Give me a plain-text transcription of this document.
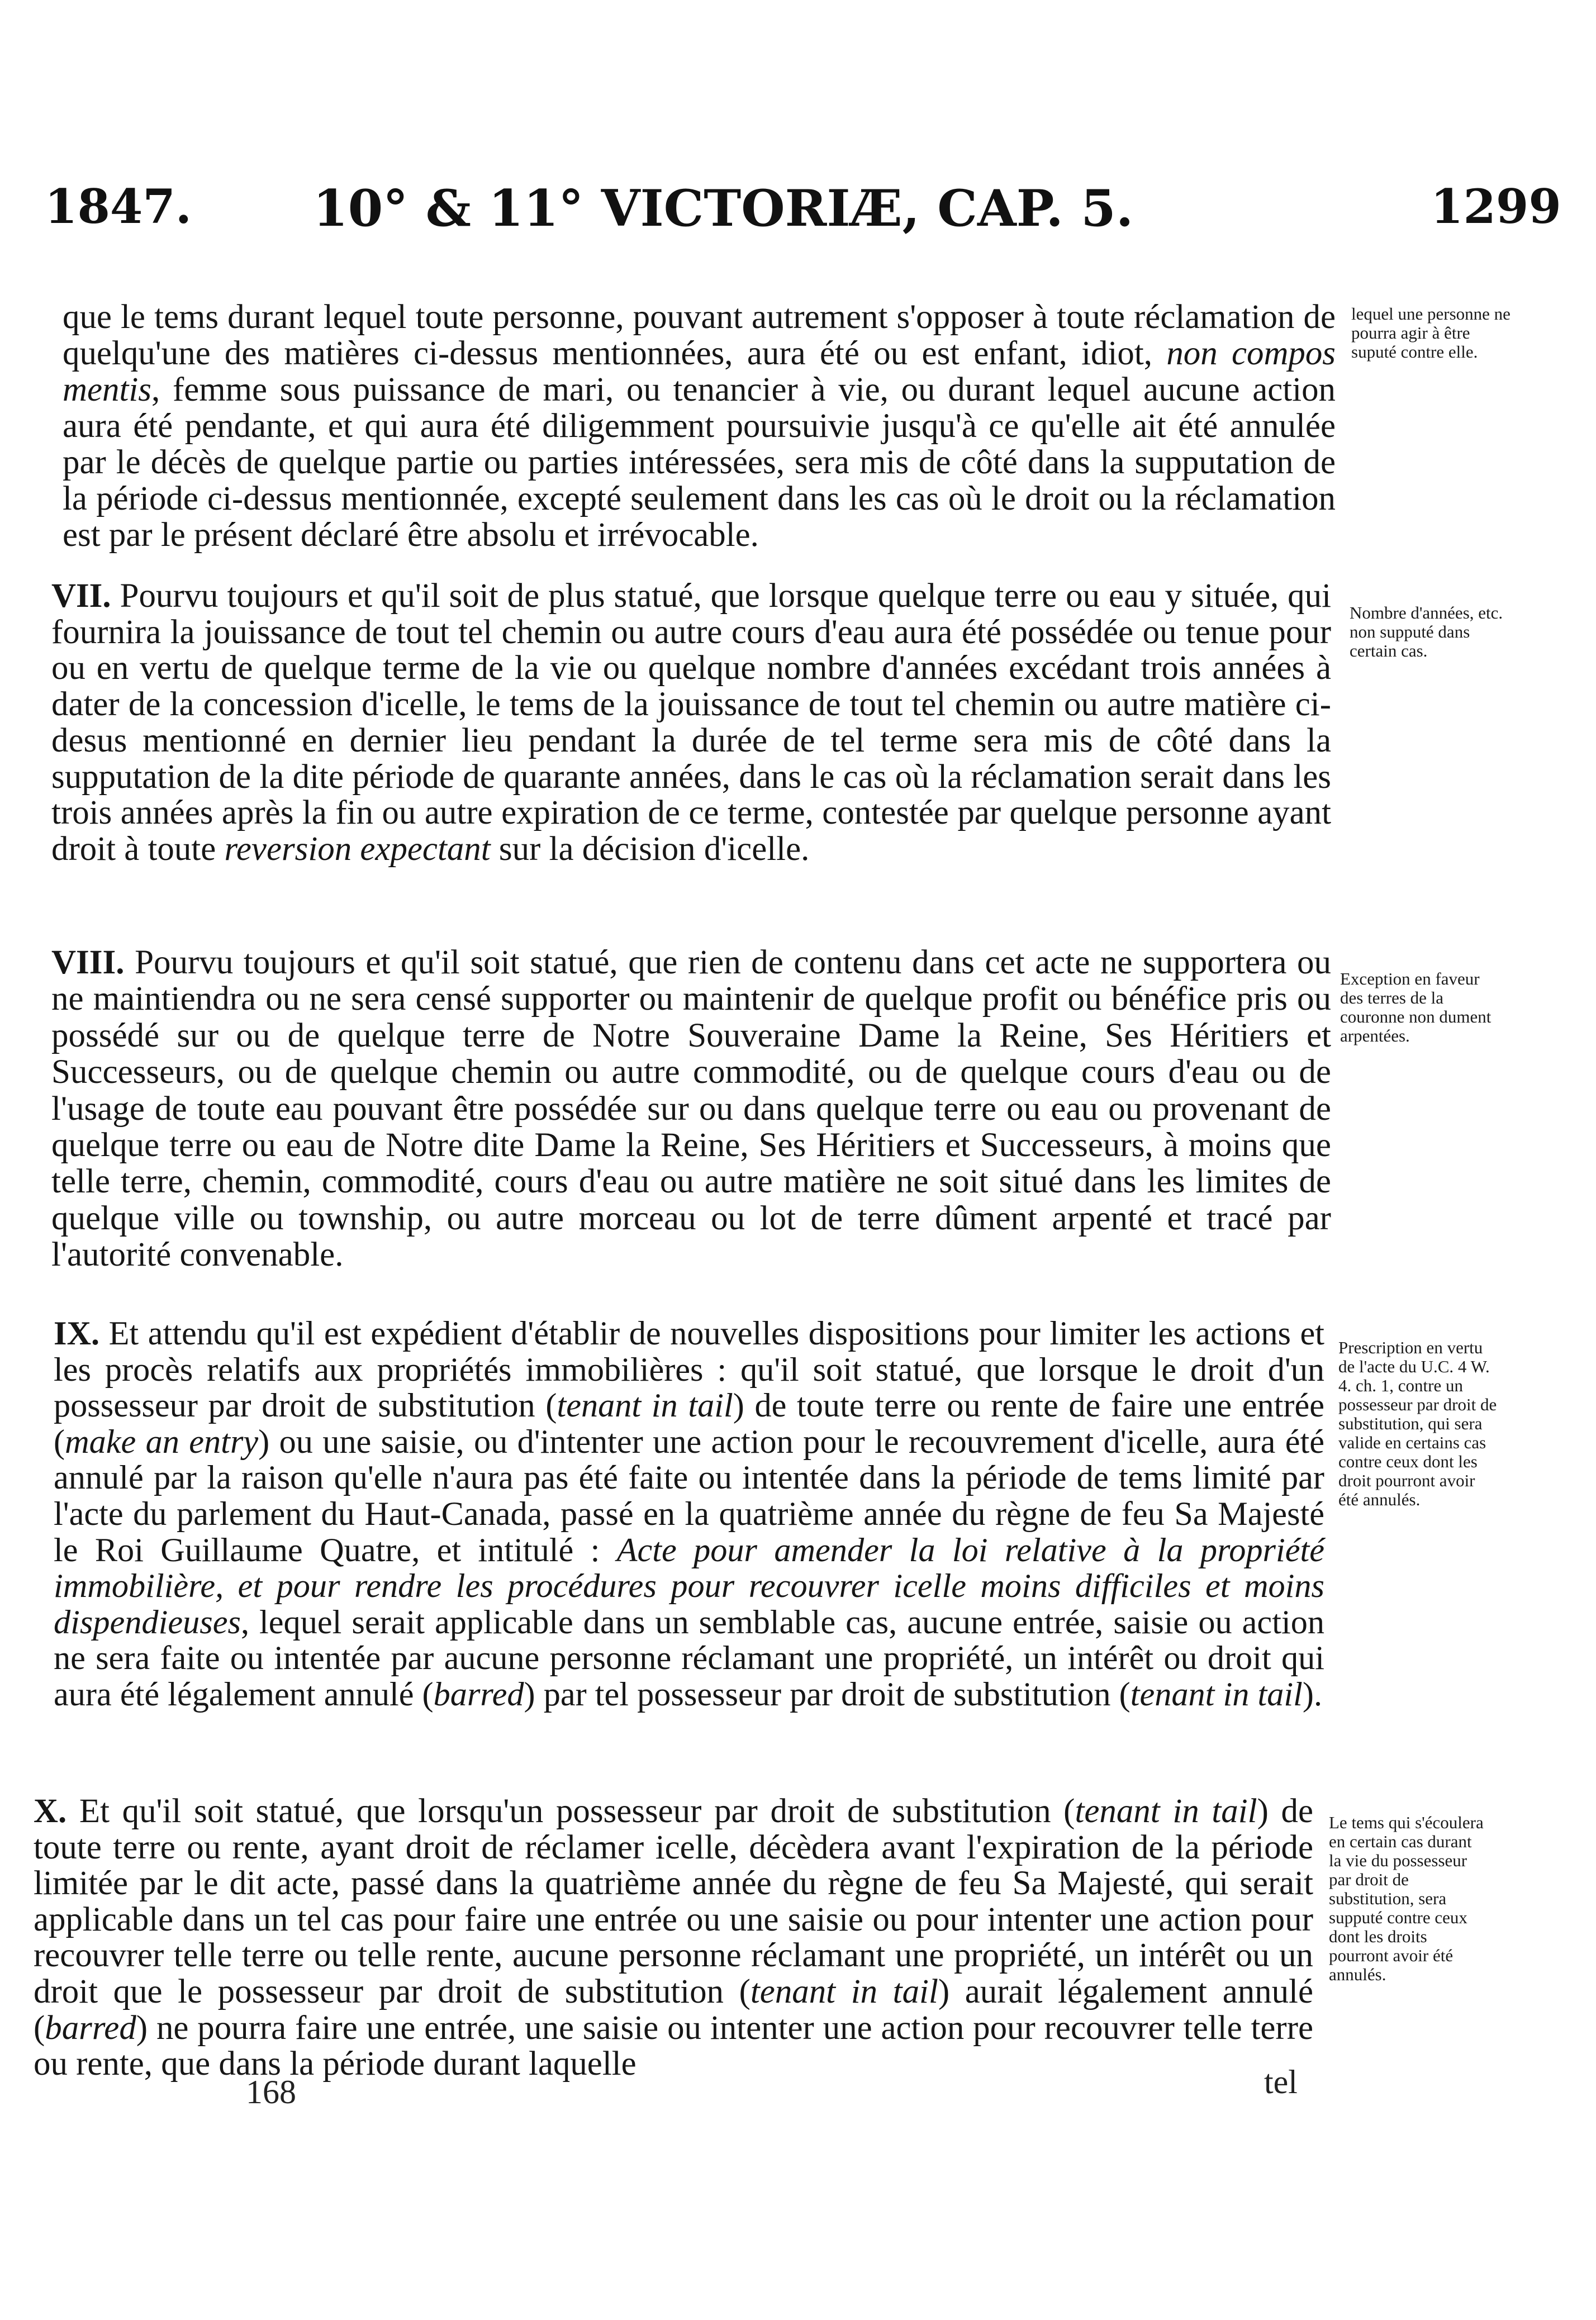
1847. 10° & 11° VICTORIÆ, CAP. 5.	1299

que le tems durant lequel toute personne, pouvant autrement s'opposer à toute réclamation de quelqu'une des matières ci-dessus mentionnées, aura été ou est enfant, idiot, non compos mentis, femme sous puissance de mari, ou tenancier à vie, ou durant lequel aucune action aura été pendante, et qui aura été diligemment poursuivie jusqu'à ce qu'elle ait été annulée par le décès de quelque partie ou parties intéressées, sera mis de côté dans la supputation de la période ci-dessus mentionnée, excepté seulement dans les cas où le droit ou la réclamation est par le présent déclaré être absolu et irrévocable.

lequel une personne ne pourra agir à être suputé contre elle.

VII. Pourvu toujours et qu'il soit de plus statué, que lorsque quelque terre ou eau y située, qui fournira la jouissance de tout tel chemin ou autre cours d'eau aura été possédée ou tenue pour ou en vertu de quelque terme de la vie ou quelque nombre d'années excédant trois années à dater de la concession d'icelle, le tems de la jouissance de tout tel chemin ou autre matière ci-desus mentionné en dernier lieu pendant la durée de tel terme sera mis de côté dans la supputation de la dite période de quarante années, dans le cas où la réclamation serait dans les trois années après la fin ou autre expiration de ce terme, contestée par quelque personne ayant droit à toute reversion expectant sur la décision d'icelle.

Nombre d'années, etc. non supputé dans certain cas.

VIII. Pourvu toujours et qu'il soit statué, que rien de contenu dans cet acte ne supportera ou ne maintiendra ou ne sera censé supporter ou maintenir de quelque profit ou bénéfice pris ou possédé sur ou de quelque terre de Notre Souveraine Dame la Reine, Ses Héritiers et Successeurs, ou de quelque chemin ou autre commodité, ou de quelque cours d'eau ou de l'usage de toute eau pouvant être possédée sur ou dans quelque terre ou eau ou provenant de quelque terre ou eau de Notre dite Dame la Reine, Ses Héritiers et Successeurs, à moins que telle terre, chemin, commodité, cours d'eau ou autre matière ne soit situé dans les limites de quelque ville ou township, ou autre morceau ou lot de terre dûment arpenté et tracé par l'autorité convenable.

Exception en faveur des terres de la couronne non dument arpentées.

IX. Et attendu qu'il est expédient d'établir de nouvelles dispositions pour limiter les actions et les procès relatifs aux propriétés immobilières : qu'il soit statué, que lorsque le droit d'un possesseur par droit de substitution (tenant in tail) de toute terre ou rente de faire une entrée (make an entry) ou une saisie, ou d'intenter une action pour le recouvrement d'icelle, aura été annulé par la raison qu'elle n'aura pas été faite ou intentée dans la période de tems limité par l'acte du parlement du Haut-Canada, passé en la quatrième année du règne de feu Sa Majesté le Roi Guillaume Quatre, et intitulé : Acte pour amender la loi relative à la propriété immobilière, et pour rendre les procédures pour recouvrer icelle moins difficiles et moins dispendieuses, lequel serait applicable dans un semblable cas, aucune entrée, saisie ou action ne sera faite ou intentée par aucune personne réclamant une propriété, un intérêt ou droit qui aura été légalement annulé (barred) par tel possesseur par droit de substitution (tenant in tail).

Prescription en vertu de l'acte du U.C. 4 W. 4. ch. 1, contre un possesseur par droit de substitution, qui sera valide en certains cas contre ceux dont les droit pourront avoir été annulés.

X. Et qu'il soit statué, que lorsqu'un possesseur par droit de substitution (tenant in tail) de toute terre ou rente, ayant droit de réclamer icelle, décèdera avant l'expiration de la période limitée par le dit acte, passé dans la quatrième année du règne de feu Sa Majesté, qui serait applicable dans un tel cas pour faire une entrée ou une saisie ou pour intenter une action pour recouvrer telle terre ou telle rente, aucune personne réclamant une propriété, un intérêt ou un droit que le possesseur par droit de substitution (tenant in tail) aurait légalement annulé (barred) ne pourra faire une entrée, une saisie ou intenter une action pour recouvrer telle terre ou rente, que dans la période durant laquelle

Le tems qui s'écoulera en certain cas durant la vie du possesseur par droit de substitution, sera supputé contre ceux dont les droits pourront avoir été annulés.

168	tel
